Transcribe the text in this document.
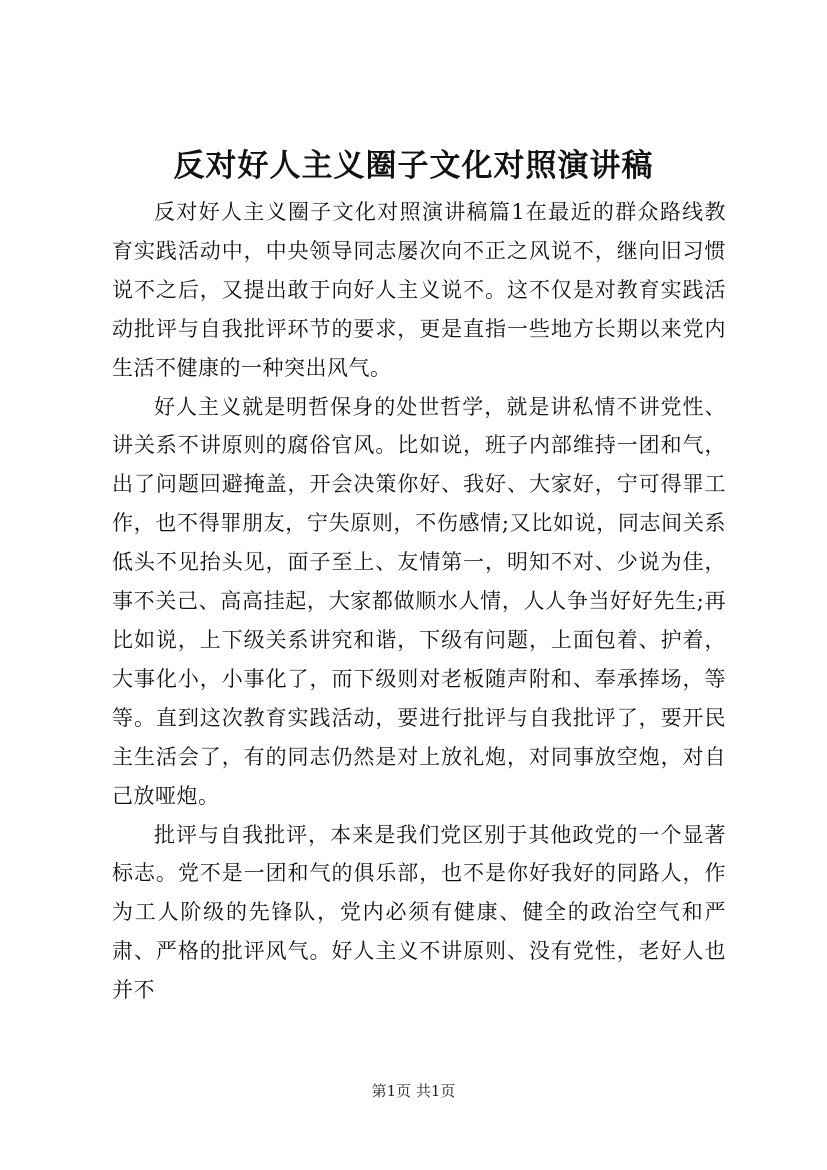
反对好人主义圈子文化对照演讲稿

反对好人主义圈子文化对照演讲稿篇1在最近的群众路线教育实践活动中，中央领导同志屡次向不正之风说不，继向旧习惯说不之后，又提出敢于向好人主义说不。这不仅是对教育实践活动批评与自我批评环节的要求，更是直指一些地方长期以来党内生活不健康的一种突出风气。

好人主义就是明哲保身的处世哲学，就是讲私情不讲党性、讲关系不讲原则的腐俗官风。比如说，班子内部维持一团和气，出了问题回避掩盖，开会决策你好、我好、大家好，宁可得罪工作，也不得罪朋友，宁失原则，不伤感情;又比如说，同志间关系低头不见抬头见，面子至上、友情第一，明知不对、少说为佳，事不关己、高高挂起，大家都做顺水人情，人人争当好好先生;再比如说，上下级关系讲究和谐，下级有问题，上面包着、护着，大事化小，小事化了，而下级则对老板随声附和、奉承捧场，等等。直到这次教育实践活动，要进行批评与自我批评了，要开民主生活会了，有的同志仍然是对上放礼炮，对同事放空炮，对自己放哑炮。

批评与自我批评，本来是我们党区别于其他政党的一个显著标志。党不是一团和气的俱乐部，也不是你好我好的同路人，作为工人阶级的先锋队，党内必须有健康、健全的政治空气和严肃、严格的批评风气。好人主义不讲原则、没有党性，老好人也并不

第1页 共1页
